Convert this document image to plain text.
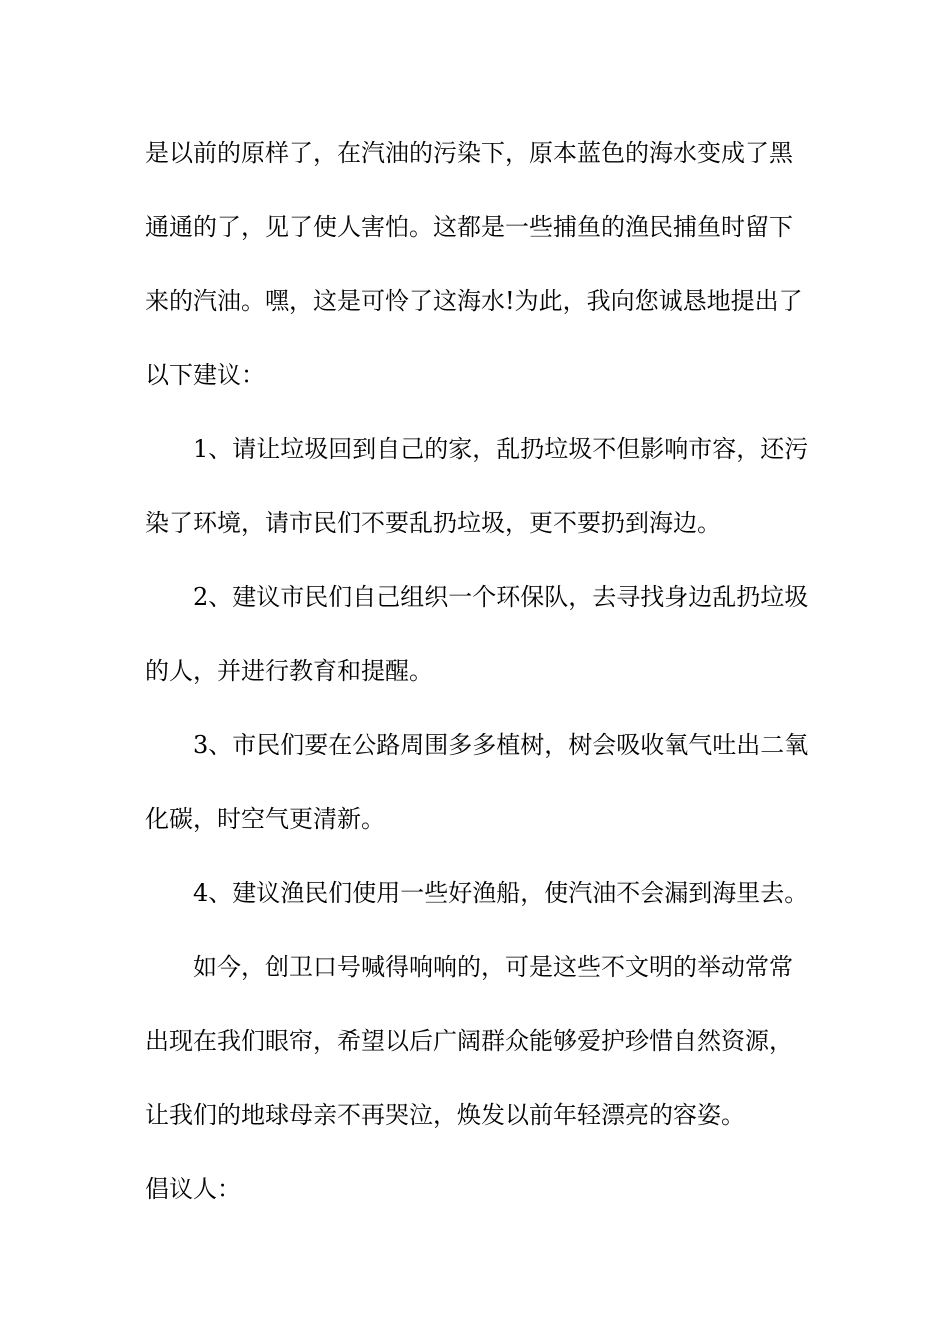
是以前的原样了，在汽油的污染下，原本蓝色的海水变成了黑
通通的了，见了使人害怕。这都是一些捕鱼的渔民捕鱼时留下
来的汽油。嘿，这是可怜了这海水!为此，我向您诚恳地提出了
以下建议：
1、请让垃圾回到自己的家，乱扔垃圾不但影响市容，还污
染了环境，请市民们不要乱扔垃圾，更不要扔到海边。
2、建议市民们自己组织一个环保队，去寻找身边乱扔垃圾
的人，并进行教育和提醒。
3、市民们要在公路周围多多植树，树会吸收氧气吐出二氧
化碳，时空气更清新。
4、建议渔民们使用一些好渔船，使汽油不会漏到海里去。
如今，创卫口号喊得响响的，可是这些不文明的举动常常
出现在我们眼帘，希望以后广阔群众能够爱护珍惜自然资源，
让我们的地球母亲不再哭泣，焕发以前年轻漂亮的容姿。
倡议人：
